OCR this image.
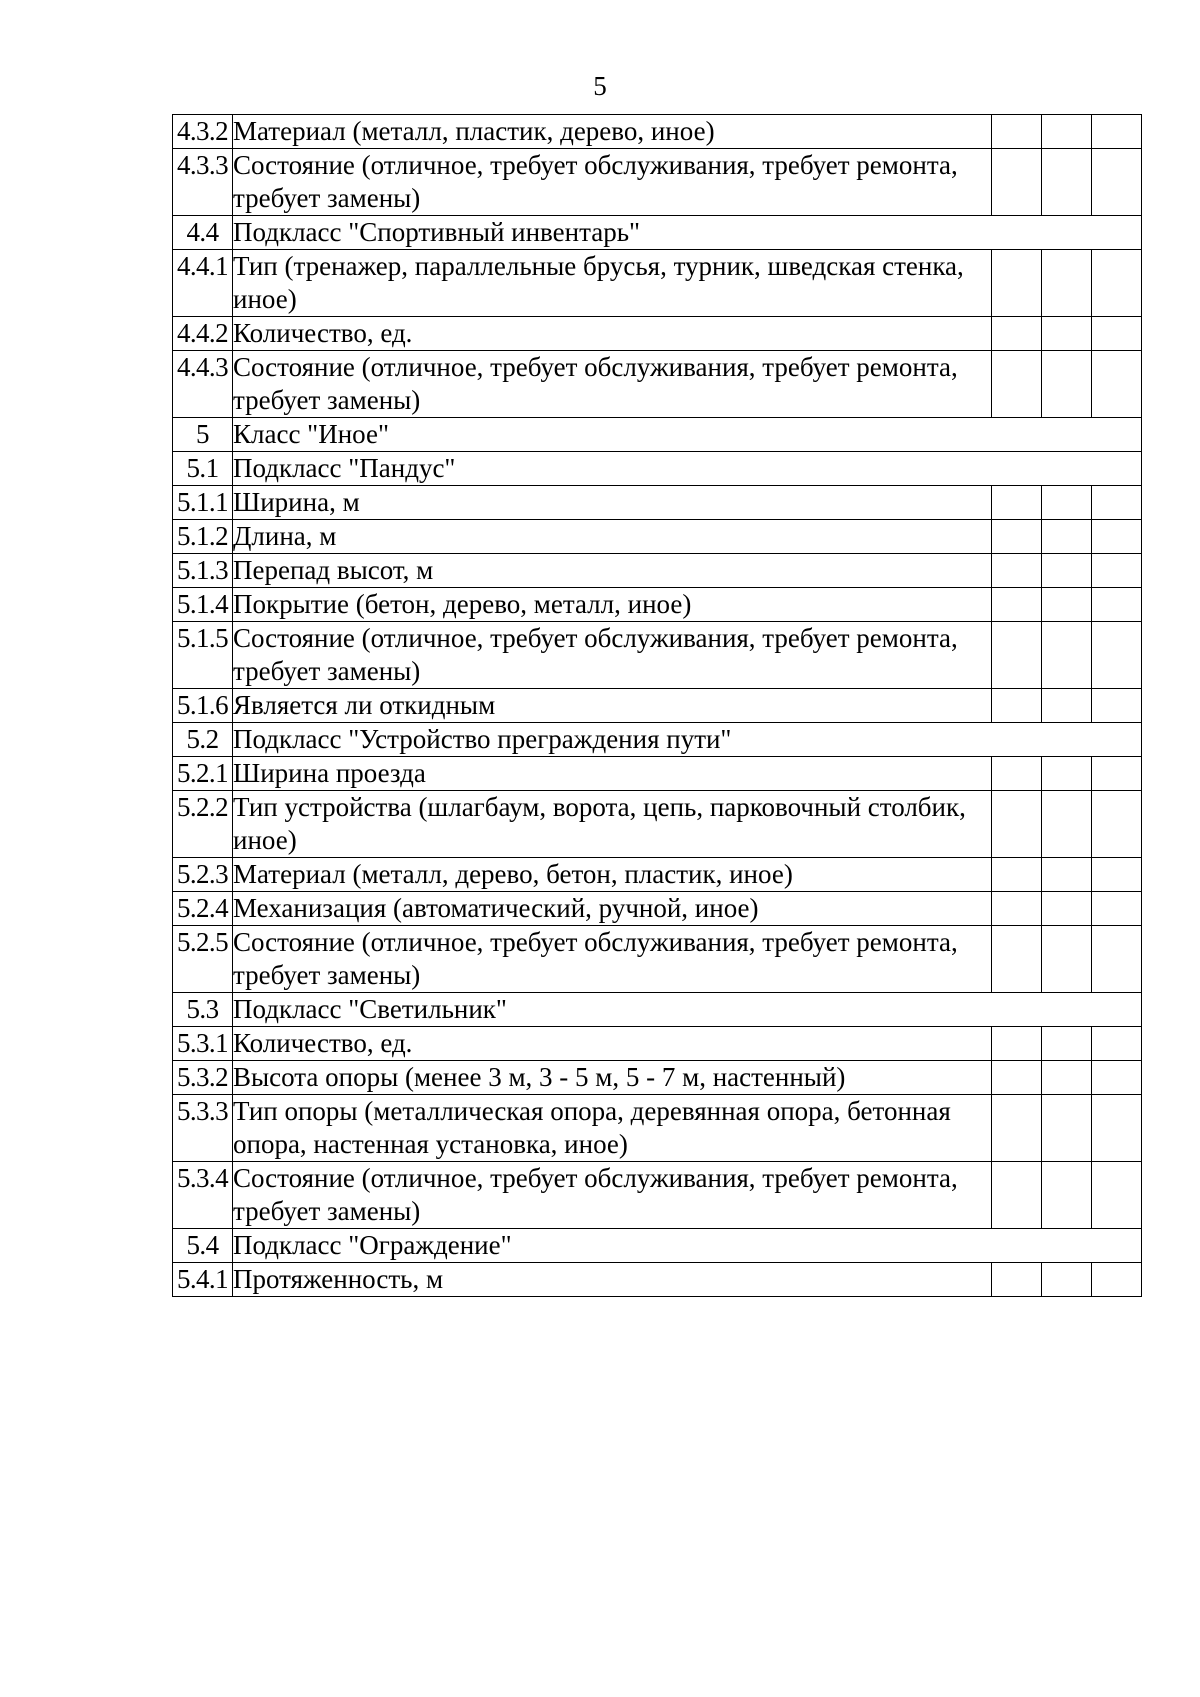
5
4.3.2	Материал (металл, пластик, дерево, иное)			
4.3.3	Состояние (отличное, требует обслуживания, требует ремонта, требует замены)			
4.4	Подкласс "Спортивный инвентарь"			
4.4.1	Тип (тренажер, параллельные брусья, турник, шведская стенка, иное)			
4.4.2	Количество, ед.			
4.4.3	Состояние (отличное, требует обслуживания, требует ремонта, требует замены)			
5	Класс "Иное"			
5.1	Подкласс "Пандус"			
5.1.1	Ширина, м			
5.1.2	Длина, м			
5.1.3	Перепад высот, м			
5.1.4	Покрытие (бетон, дерево, металл, иное)			
5.1.5	Состояние (отличное, требует обслуживания, требует ремонта, требует замены)			
5.1.6	Является ли откидным			
5.2	Подкласс "Устройство преграждения пути"			
5.2.1	Ширина проезда			
5.2.2	Тип устройства (шлагбаум, ворота, цепь, парковочный столбик, иное)			
5.2.3	Материал (металл, дерево, бетон, пластик, иное)			
5.2.4	Механизация (автоматический, ручной, иное)			
5.2.5	Состояние (отличное, требует обслуживания, требует ремонта, требует замены)			
5.3	Подкласс "Светильник"			
5.3.1	Количество, ед.			
5.3.2	Высота опоры (менее 3 м, 3 - 5 м, 5 - 7 м, настенный)			
5.3.3	Тип опоры (металлическая опора, деревянная опора, бетонная опора, настенная установка, иное)			
5.3.4	Состояние (отличное, требует обслуживания, требует ремонта, требует замены)			
5.4	Подкласс "Ограждение"			
5.4.1	Протяженность, м			
